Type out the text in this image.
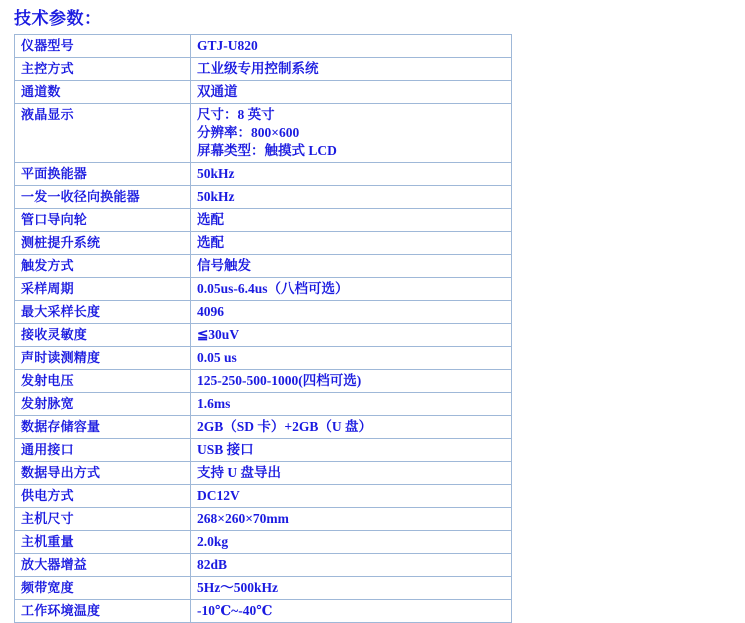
技术参数：
仪器型号	GTJ-U820

主控方式	工业级专用控制系统

通道数	双通道

液晶显示	尺寸：8 英寸
分辨率：800×600
屏幕类型：触摸式 LCD

平面换能器	50kHz

一发一收径向换能器	50kHz

管口导向轮	选配

测桩提升系统	选配

触发方式	信号触发

采样周期	0.05us-6.4us（八档可选）

最大采样长度	4096

接收灵敏度	≦30uV

声时读测精度	0.05 us

发射电压	125-250-500-1000(四档可选)

发射脉宽	1.6ms

数据存储容量	2GB（SD 卡）+2GB（U 盘）

通用接口	USB 接口

数据导出方式	支持 U 盘导出

供电方式	DC12V

主机尺寸	268×260×70mm

主机重量	2.0kg

放大器增益	82dB

频带宽度	5Hz～500kHz

工作环境温度	-10℃~-40℃
